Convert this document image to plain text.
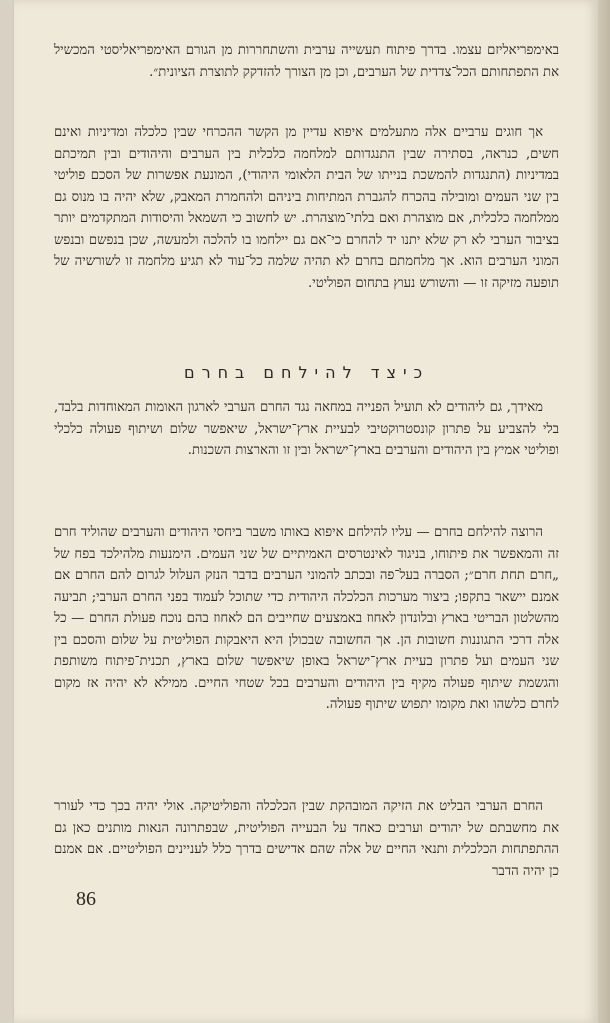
באימפריאליזם עצמו. בדרך פיתוח תעשייה ערבית והשתחררות מן הגורם האימפריאליסטי המכשיל את התפתחותם הכל־צדדית של הערבים, וכן מן הצורך להזדקק לתוצרת הציונית״.

אך חוגים ערביים אלה מתעלמים איפוא עדיין מן הקשר ההכרחי שבין כלכלה ומדיניות ואינם חשים, כנראה, בסתירה שבין התנגדותם למלחמה כלכלית בין הערבים והיהודים ובין תמיכתם במדיניות (התנגדות להמשכת בנייתו של הבית הלאומי היהודי), המונעת אפשרות של הסכם פוליטי בין שני העמים ומובילה בהכרח להגברת המתיחות ביניהם ולהחמרת המאבק, שלא יהיה בו מנוס גם ממלחמה כלכלית, אם מוצהרת ואם בלתי־מוצהרת. יש לחשוב כי השמאל והיסודות המתקדמים יותר בציבור הערבי לא רק שלא יתנו יד להחרם כי־אם גם יילחמו בו להלכה ולמעשה, שכן בנפשם ובנפש המוני הערבים הוא. אך מלחמתם בחרם לא תהיה שלמה כל־עוד לא תגיע מלחמה זו לשורשיה של תופעה מזיקה זו — והשורש נעוץ בתחום הפוליטי.

כיצד להילחם בחרם

מאידך, גם ליהודים לא תועיל הפנייה במחאה נגד החרם הערבי לארגון האומות המאוחדות בלבד, בלי להצביע על פתרון קונסטרוקטיבי לבעיית ארץ־ישראל, שיאפשר שלום ושיתוף פעולה כלכלי ופוליטי אמיץ בין היהודים והערבים בארץ־ישראל ובין זו והארצות השכנות.

הרוצה להילחם בחרם — עליו להילחם איפוא באותו משבר ביחסי היהודים והערבים שהוליד חרם זה והמאפשר את פיתוחו, בניגוד לאינטרסים האמיתיים של שני העמים. הימנעות מלהילכד בפח של „חרם תחת חרם״; הסברה בעל־פה ובכתב להמוני הערבים בדבר הנזק העלול לגרום להם החרם אם אמנם יישאר בתקפו; ביצור מערכות הכלכלה היהודית כדי שתוכל לעמוד בפני החרם הערבי; תביעה מהשלטון הבריטי בארץ ובלונדון לאחוז באמצעים שחייבים הם לאחוז בהם נוכח פעולת החרם — כל אלה דרכי התגוננות חשובות הן. אך החשובה שבכולן היא היאבקות הפוליטית על שלום והסכם בין שני העמים ועל פתרון בעיית ארץ־ישראל באופן שיאפשר שלום בארץ, תכנית־פיתוח משותפת והגשמת שיתוף פעולה מקיף בין היהודים והערבים בכל שטחי החיים. ממילא לא יהיה אז מקום לחרם כלשהו ואת מקומו יתפוש שיתוף פעולה.

החרם הערבי הבליט את הזיקה המובהקת שבין הכלכלה והפוליטיקה. אולי יהיה בכך כדי לעורר את מחשבתם של יהודים וערבים כאחד על הבעייה הפוליטית, שבפתרונה הנאות מותנים כאן גם ההתפתחות הכלכלית ותנאי החיים של אלה שהם אדישים בדרך כלל לעניינים הפוליטיים. אם אמנם כן יהיה הדבר

86
